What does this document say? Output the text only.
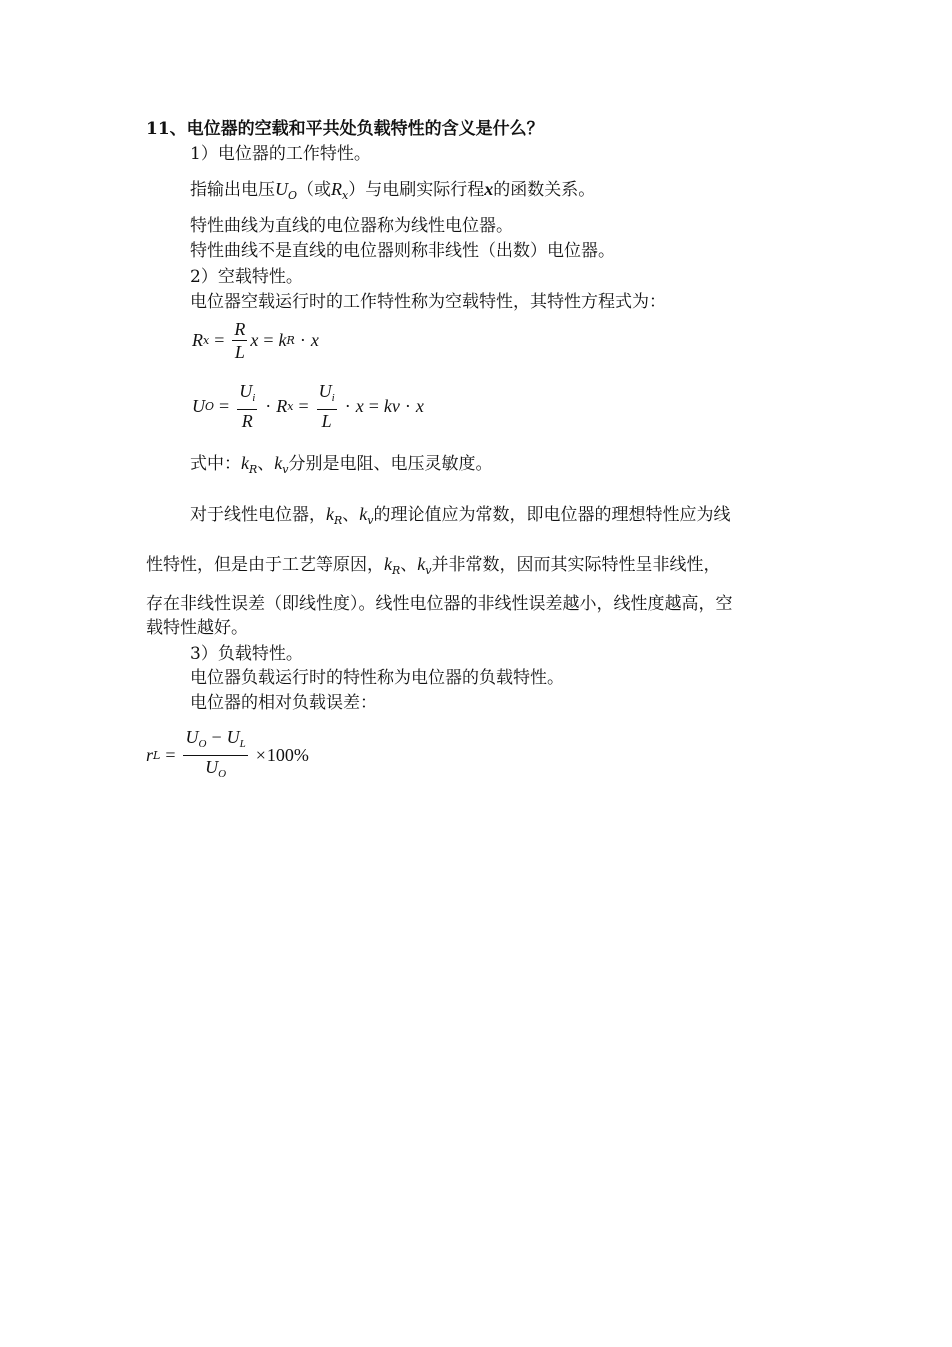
11、电位器的空载和平共处负载特性的含义是什么？
1）电位器的工作特性。
指输出电压$U_O$（或$R_x$）与电刷实际行程x的函数关系。
特性曲线为直线的电位器称为线性电位器。
特性曲线不是直线的电位器则称非线性（出数）电位器。
2）空载特性。
电位器空载运行时的工作特性称为空载特性，其特性方程式为：
R $x = \frac{R}{L}$ x = k R · x
U $O = \frac{U_i}{R} \cdot R$ $x = \frac{U_i}{L} \cdot x$ = kv · x
式中：$k_R$、$k_v$分别是电阻、电压灵敏度。
对于线性电位器，$k_R$、$k_v$的理论值应为常数，即电位器的理想特性应为线
性特性，但是由于工艺等原因，$k_R$、$k_v$并非常数，因而其实际特性呈非线性，
存在非线性误差（即线性度）。线性电位器的非线性误差越小，线性度越高，空
载特性越好。
3）负载特性。
电位器负载运行时的特性称为电位器的负载特性。
电位器的相对负载误差：
r $L = \frac{U_O - U_L}{U_O} \times 100\%$
